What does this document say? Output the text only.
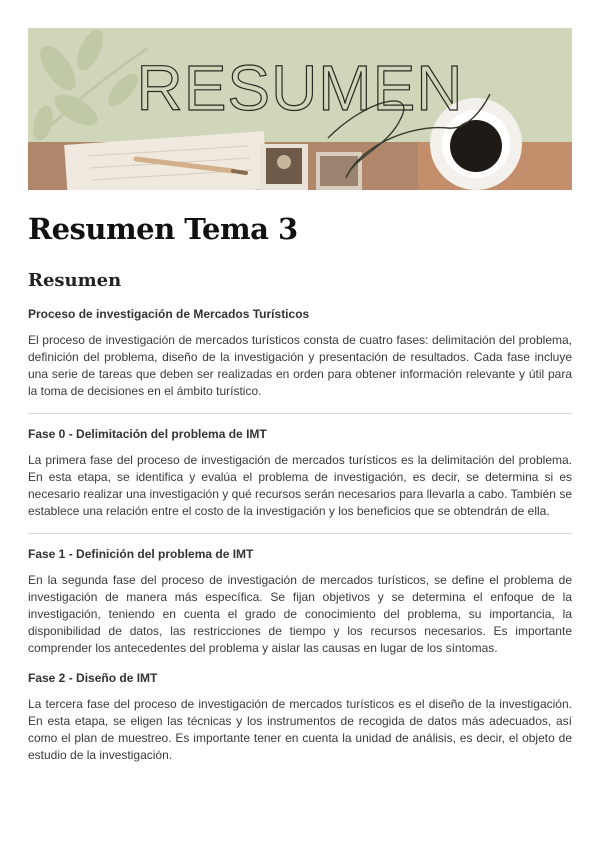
RESUMEN
Resumen Tema 3
Resumen

Proceso de investigación de Mercados Turísticos

El proceso de investigación de mercados turísticos consta de cuatro fases: delimitación del problema, definición del problema, diseño de la investigación y presentación de resultados. Cada fase incluye una serie de tareas que deben ser realizadas en orden para obtener información relevante y útil para la toma de decisiones en el ámbito turístico.

Fase 0 - Delimitación del problema de IMT

La primera fase del proceso de investigación de mercados turísticos es la delimitación del problema. En esta etapa, se identifica y evalúa el problema de investigación, es decir, se determina si es necesario realizar una investigación y qué recursos serán necesarios para llevarla a cabo. También se establece una relación entre el costo de la investigación y los beneficios que se obtendrán de ella.

Fase 1 - Definición del problema de IMT

En la segunda fase del proceso de investigación de mercados turísticos, se define el problema de investigación de manera más específica. Se fijan objetivos y se determina el enfoque de la investigación, teniendo en cuenta el grado de conocimiento del problema, su importancia, la disponibilidad de datos, las restricciones de tiempo y los recursos necesarios. Es importante comprender los antecedentes del problema y aislar las causas en lugar de los síntomas.

Fase 2 - Diseño de IMT

La tercera fase del proceso de investigación de mercados turísticos es el diseño de la investigación. En esta etapa, se eligen las técnicas y los instrumentos de recogida de datos más adecuados, así como el plan de muestreo. Es importante tener en cuenta la unidad de análisis, es decir, el objeto de estudio de la investigación.
